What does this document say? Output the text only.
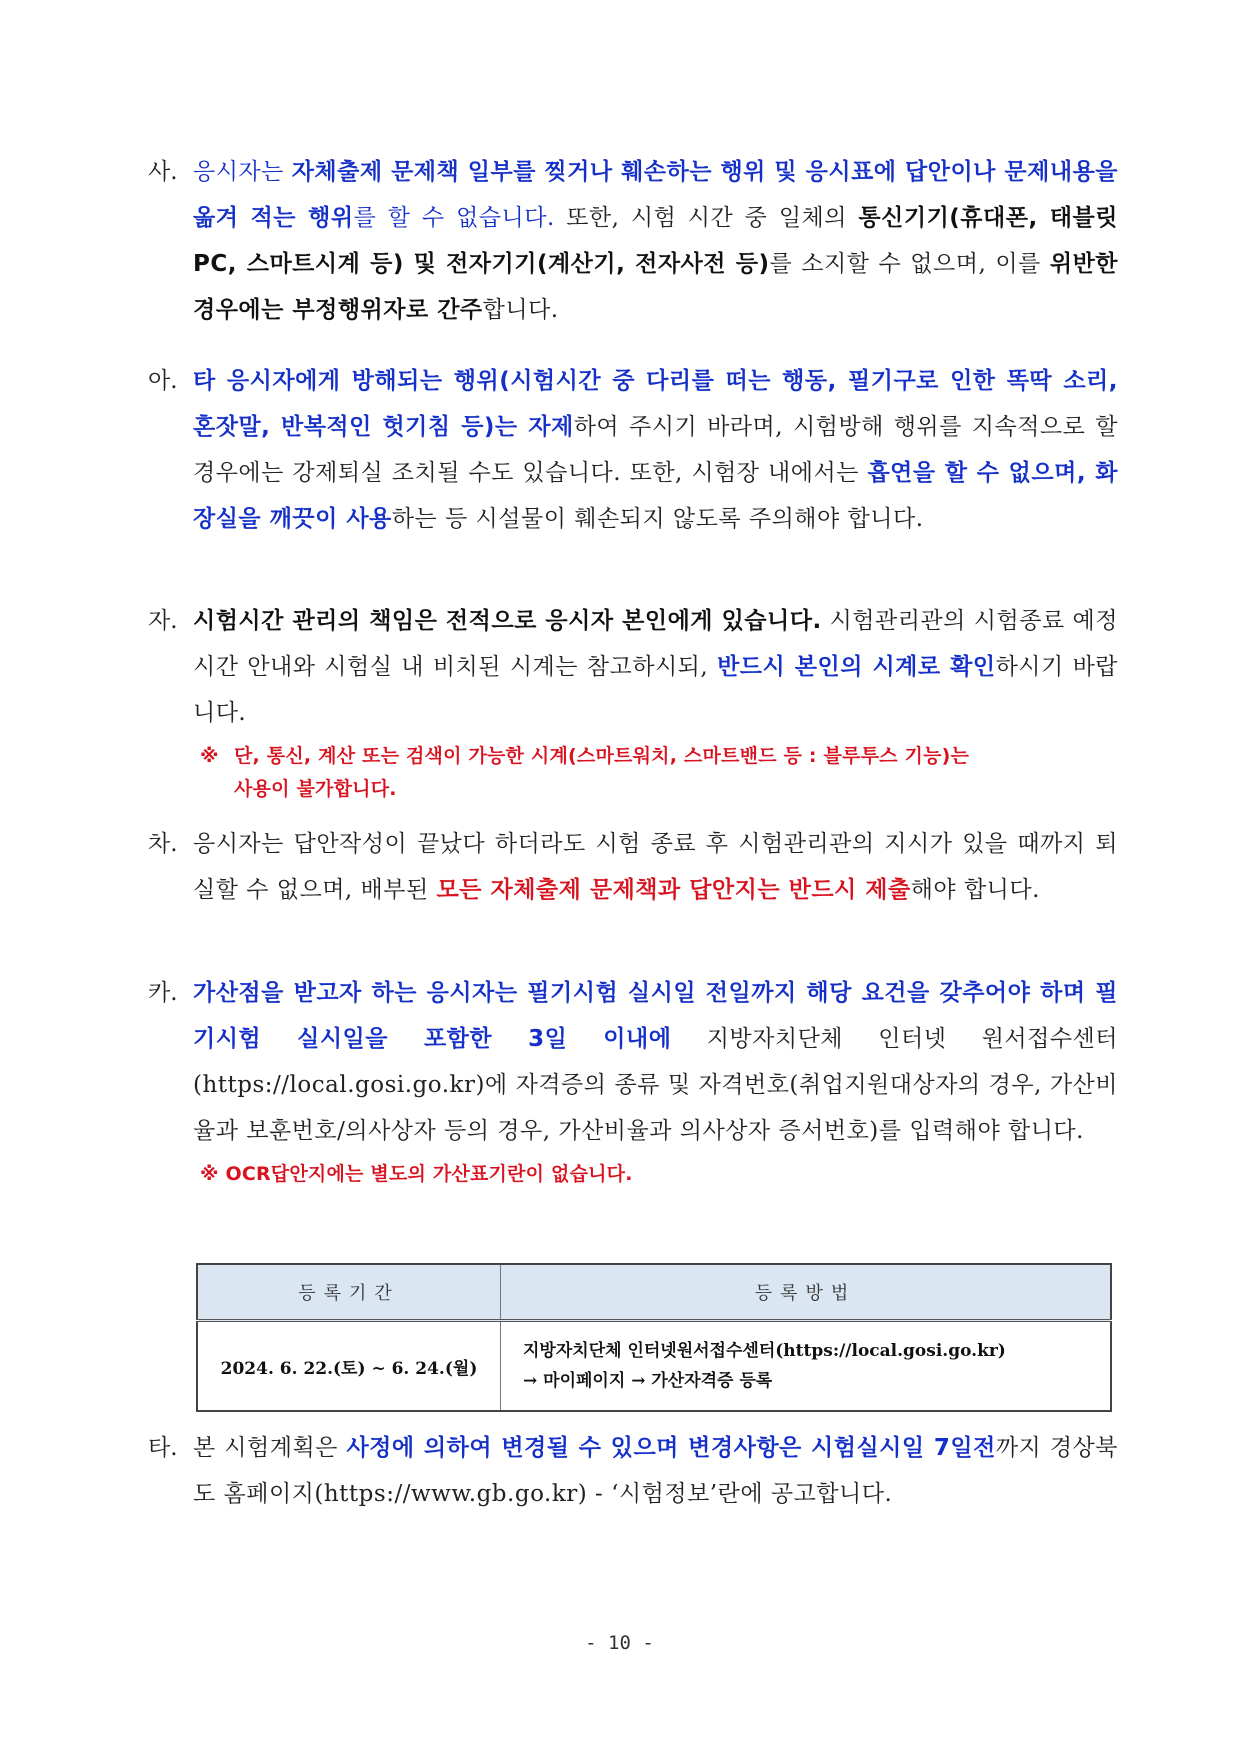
사. 응시자는 자체출제 문제책 일부를 찢거나 훼손하는 행위 및 응시표에 답안이나 문제내용을 옮겨 적는 행위를 할 수 없습니다. 또한, 시험 시간 중 일체의 통신기기(휴대폰, 태블릿PC, 스마트시계 등) 및 전자기기(계산기, 전자사전 등)를 소지할 수 없으며, 이를 위반한 경우에는 부정행위자로 간주합니다.
아. 타 응시자에게 방해되는 행위(시험시간 중 다리를 떠는 행동, 필기구로 인한 똑딱 소리, 혼잣말, 반복적인 헛기침 등)는 자제하여 주시기 바라며, 시험방해 행위를 지속적으로 할 경우에는 강제퇴실 조치될 수도 있습니다. 또한, 시험장 내에서는 흡연을 할 수 없으며, 화장실을 깨끗이 사용하는 등 시설물이 훼손되지 않도록 주의해야 합니다.
자. 시험시간 관리의 책임은 전적으로 응시자 본인에게 있습니다. 시험관리관의 시험종료 예정시간 안내와 시험실 내 비치된 시계는 참고하시되, 반드시 본인의 시계로 확인하시기 바랍니다.
※ 단, 통신, 계산 또는 검색이 가능한 시계(스마트워치, 스마트밴드 등 : 블루투스 기능)는
사용이 불가합니다.
차. 응시자는 답안작성이 끝났다 하더라도 시험 종료 후 시험관리관의 지시가 있을 때까지 퇴실할 수 없으며, 배부된 모든 자체출제 문제책과 답안지는 반드시 제출해야 합니다.
카. 가산점을 받고자 하는 응시자는 필기시험 실시일 전일까지 해당 요건을 갖추어야 하며 필기시험 실시일을 포함한 3일 이내에 지방자치단체 인터넷 원서접수센터(https://local.gosi.go.kr)에 자격증의 종류 및 자격번호(취업지원대상자의 경우, 가산비율과 보훈번호/의사상자 등의 경우, 가산비율과 의사상자 증서번호)를 입력해야 합니다.
※ OCR답안지에는 별도의 가산표기란이 없습니다.
등록기간	등록방법
2024. 6. 22.(토) ~ 6. 24.(월)	지방자치단체 인터넷원서접수센터(https://local.gosi.go.kr)
→ 마이페이지 → 가산자격증 등록
타. 본 시험계획은 사정에 의하여 변경될 수 있으며 변경사항은 시험실시일 7일전까지 경상북도 홈페이지(https://www.gb.go.kr) - ‘시험정보’란에 공고합니다.
- 10 -
